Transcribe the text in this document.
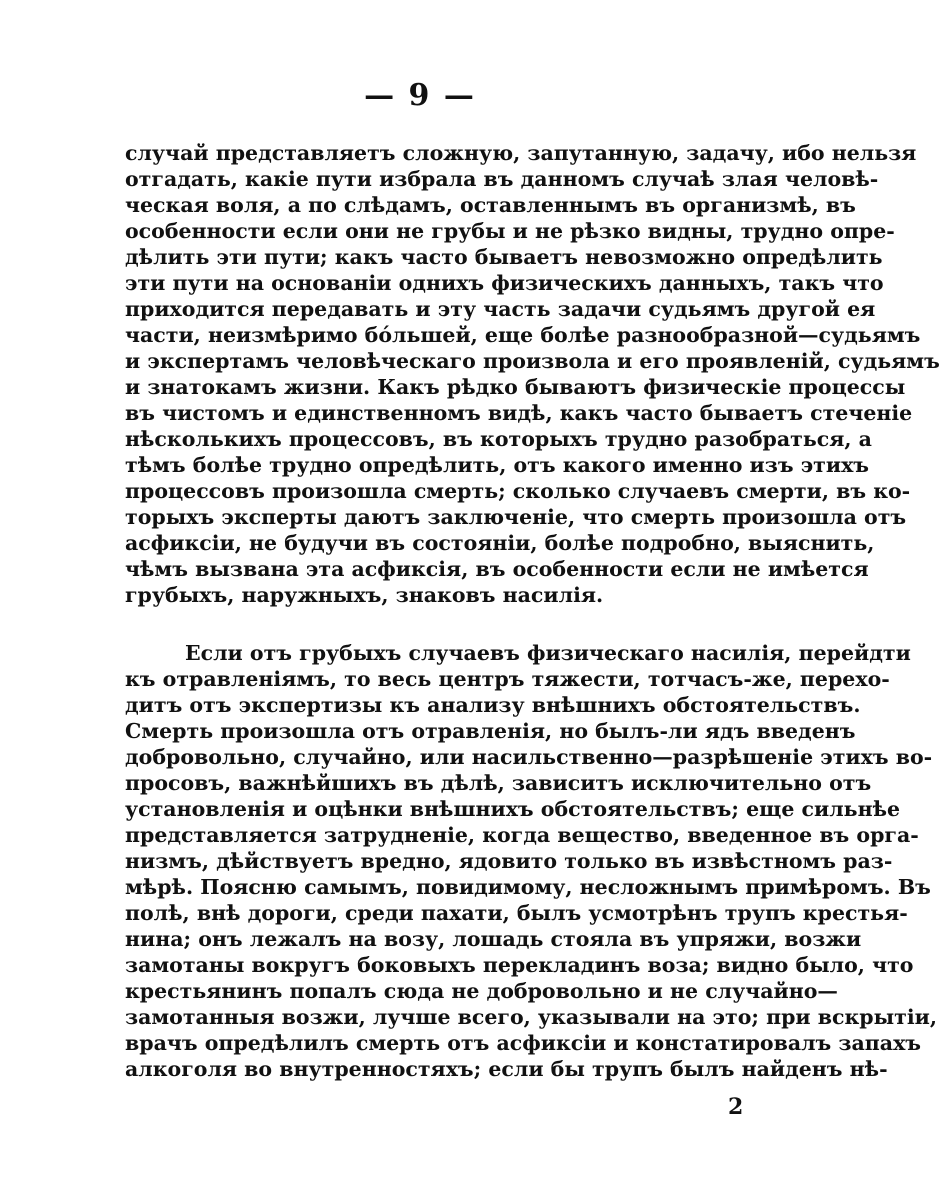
— 9 —
случай представляетъ сложную, запутанную, задачу, ибо нельзя
отгадать, какіе пути избрала въ данномъ случаѣ злая человѣ-
ческая воля, а по слѣдамъ, оставленнымъ въ организмѣ, въ
особенности если они не грубы и не рѣзко видны, трудно опре-
дѣлить эти пути; какъ часто бываетъ невозможно опредѣлить
эти пути на основаніи однихъ физическихъ данныхъ, такъ что
приходится передавать и эту часть задачи судьямъ другой ея
части, неизмѣримо бóльшей, еще болѣе разнообразной—судьямъ
и экспертамъ человѣческаго произвола и его проявленій, судьямъ
и знатокамъ жизни. Какъ рѣдко бываютъ физическіе процессы
въ чистомъ и единственномъ видѣ, какъ часто бываетъ стеченіе
нѣсколькихъ процессовъ, въ которыхъ трудно разобраться, а
тѣмъ болѣе трудно опредѣлить, отъ какого именно изъ этихъ
процессовъ произошла смерть; сколько случаевъ смерти, въ ко-
торыхъ эксперты даютъ заключеніе, что смерть произошла отъ
асфиксіи, не будучи въ состояніи, болѣе подробно, выяснить,
чѣмъ вызвана эта асфиксія, въ особенности если не имѣется
грубыхъ, наружныхъ, знаковъ насилія.
Если отъ грубыхъ случаевъ физическаго насилія, перейдти
къ отравленіямъ, то весь центръ тяжести, тотчасъ-же, перехо-
дитъ отъ экспертизы къ анализу внѣшнихъ обстоятельствъ.
Смерть произошла отъ отравленія, но былъ-ли ядъ введенъ
добровольно, случайно, или насильственно—разрѣшеніе этихъ во-
просовъ, важнѣйшихъ въ дѣлѣ, зависитъ исключительно отъ
установленія и оцѣнки внѣшнихъ обстоятельствъ; еще сильнѣе
представляется затрудненіе, когда вещество, введенное въ орга-
низмъ, дѣйствуетъ вредно, ядовито только въ извѣстномъ раз-
мѣрѣ. Поясню самымъ, повидимому, несложнымъ примѣромъ. Въ
полѣ, внѣ дороги, среди пахати, былъ усмотрѣнъ трупъ крестья-
нина; онъ лежалъ на возу, лошадь стояла въ упряжи, возжи
замотаны вокругъ боковыхъ перекладинъ воза; видно было, что
крестьянинъ попалъ сюда не добровольно и не случайно—
замотанныя возжи, лучше всего, указывали на это; при вскрытіи,
врачъ опредѣлилъ смерть отъ асфиксіи и констатировалъ запахъ
алкоголя во внутренностяхъ; если бы трупъ былъ найденъ нѣ-
2
